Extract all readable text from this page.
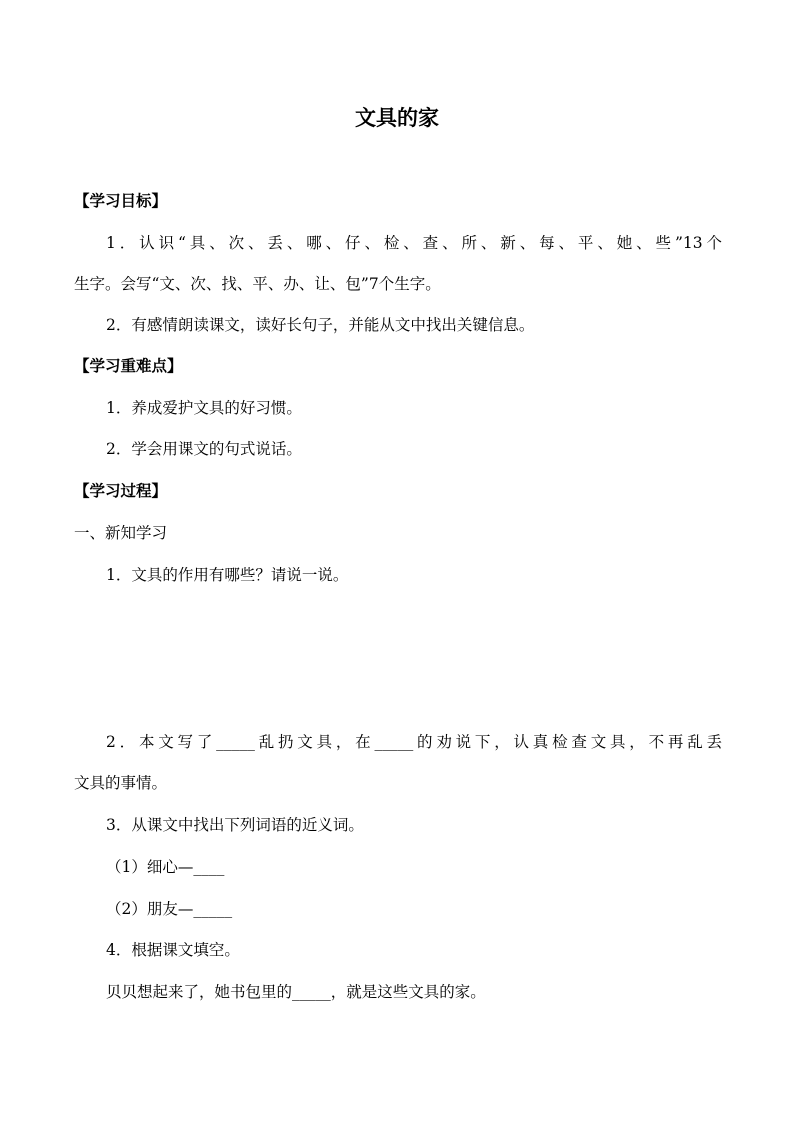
文具的家
【学习目标】
1．认识“具、次、丢、哪、仔、检、查、所、新、每、平、她、些”13个
生字。会写“文、次、找、平、办、让、包”7个生字。
2．有感情朗读课文，读好长句子，并能从文中找出关键信息。
【学习重难点】
1．养成爱护文具的好习惯。
2．学会用课文的句式说话。
【学习过程】
一、新知学习
1．文具的作用有哪些？请说一说。
2．本文写了_____乱扔文具，在_____的劝说下，认真检查文具，不再乱丢
文具的事情。
3．从课文中找出下列词语的近义词。
（1）细心—____
（2）朋友—_____
4．根据课文填空。
贝贝想起来了，她书包里的_____，就是这些文具的家。
